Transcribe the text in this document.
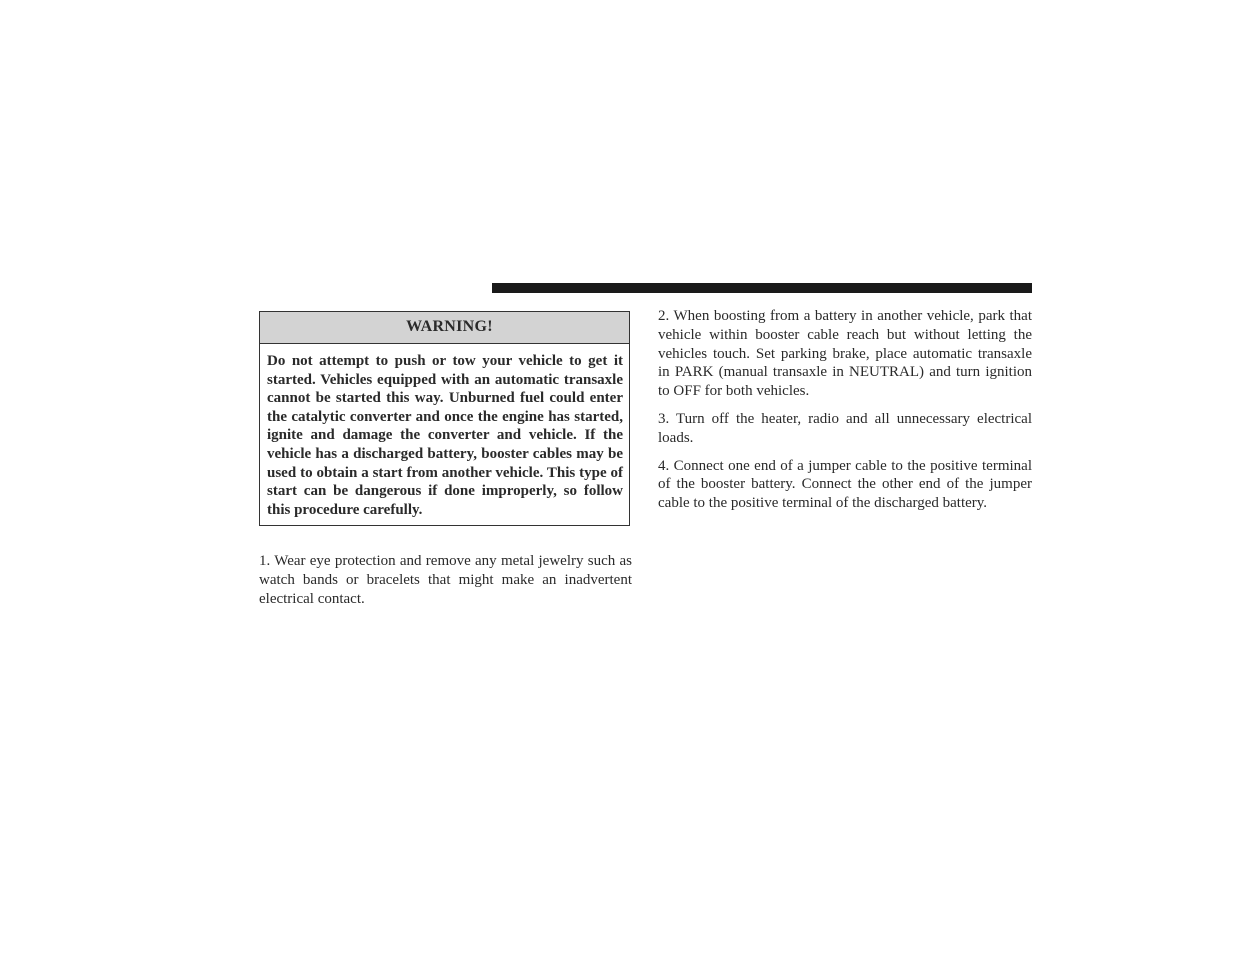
WARNING!
Do not attempt to push or tow your vehicle to get it started. Vehicles equipped with an automatic transaxle cannot be started this way. Unburned fuel could enter the catalytic converter and once the engine has started, ignite and damage the converter and vehicle. If the vehicle has a discharged battery, booster cables may be used to obtain a start from another vehicle. This type of start can be dangerous if done improperly, so follow this procedure carefully.

1. Wear eye protection and remove any metal jewelry such as watch bands or bracelets that might make an inadvertent electrical contact.

2. When boosting from a battery in another vehicle, park that vehicle within booster cable reach but without letting the vehicles touch. Set parking brake, place automatic transaxle in PARK (manual transaxle in NEUTRAL) and turn ignition to OFF for both vehicles.

3. Turn off the heater, radio and all unnecessary electrical loads.

4. Connect one end of a jumper cable to the positive terminal of the booster battery. Connect the other end of the jumper cable to the positive terminal of the discharged battery.
